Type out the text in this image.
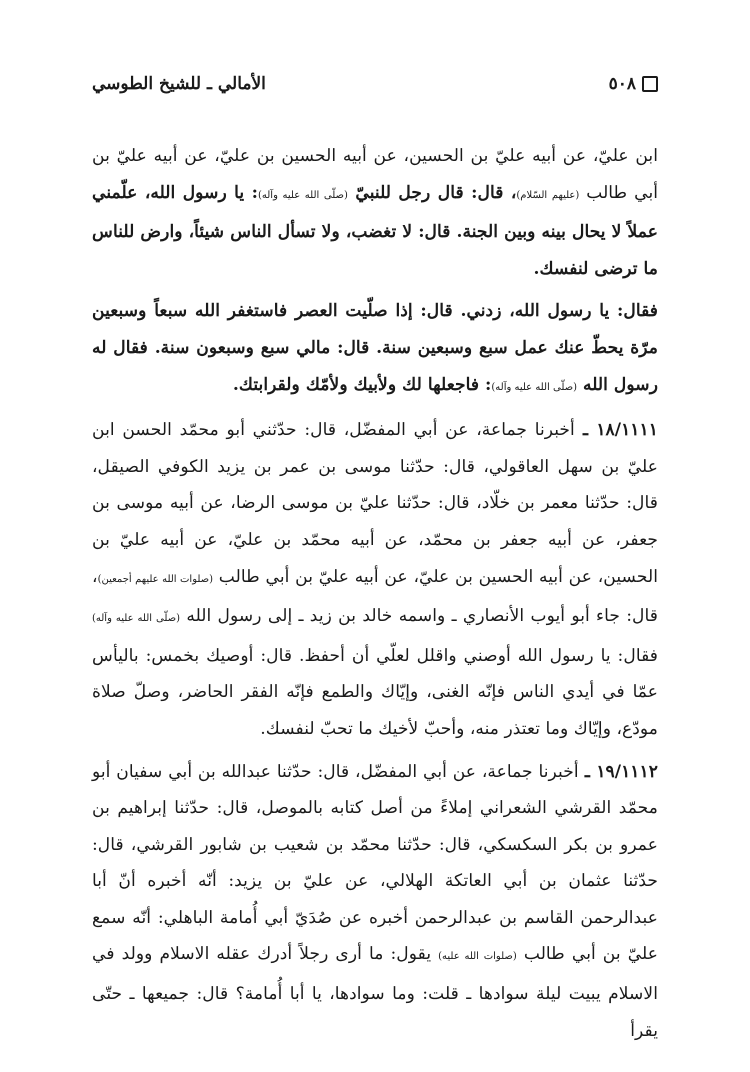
٥٠٨
الأمالي ـ للشيخ الطوسي

ابن عليّ، عن أبيه عليّ بن الحسين، عن أبيه الحسين بن عليّ، عن أبيه عليّ بن أبي طالب (عليهم السّلام)، قال: قال رجل للنبيّ (صلّى الله عليه وآله): يا رسول الله، علّمني عملاً لا يحال بينه وبين الجنة. قال: لا تغضب، ولا تسأل الناس شيئاً، وارض للناس ما ترضى لنفسك.

فقال: يا رسول الله، زدني. قال: إذا صلّيت العصر فاستغفر الله سبعاً وسبعين مرّة يحطّ عنك عمل سبع وسبعين سنة. قال: مالي سبع وسبعون سنة. فقال له رسول الله (صلّى الله عليه وآله): فاجعلها لك ولأبيك ولأمّك ولقرابتك.

١٨/١١١١ ـ أخبرنا جماعة، عن أبي المفضّل، قال: حدّثني أبو محمّد الحسن ابن عليّ بن سهل العاقولي، قال: حدّثنا موسى بن عمر بن يزيد الكوفي الصيقل، قال: حدّثنا معمر بن خلّاد، قال: حدّثنا عليّ بن موسى الرضا، عن أبيه موسى بن جعفر، عن أبيه جعفر بن محمّد، عن أبيه محمّد بن عليّ، عن أبيه عليّ بن الحسين، عن أبيه الحسين بن عليّ، عن أبيه عليّ بن أبي طالب (صلوات الله عليهم أجمعين)، قال: جاء أبو أيوب الأنصاري ـ واسمه خالد بن زيد ـ إلى رسول الله (صلّى الله عليه وآله) فقال: يا رسول الله أوصني واقلل لعلّي أن أحفظ. قال: أوصيك بخمس: باليأس عمّا في أيدي الناس فإنّه الغنى، وإيّاك والطمع فإنّه الفقر الحاضر، وصلّ صلاة مودّع، وإيّاك وما تعتذر منه، وأحبّ لأخيك ما تحبّ لنفسك.

١٩/١١١٢ ـ أخبرنا جماعة، عن أبي المفضّل، قال: حدّثنا عبدالله بن أبي سفيان أبو محمّد القرشي الشعراني إملاءً من أصل كتابه بالموصل، قال: حدّثنا إبراهيم بن عمرو بن بكر السكسكي، قال: حدّثنا محمّد بن شعيب بن شابور القرشي، قال: حدّثنا عثمان بن أبي العاتكة الهلالي، عن عليّ بن يزيد: أنّه أخبره أنّ أبا عبدالرحمن القاسم بن عبدالرحمن أخبره عن صُدَيّ أبي أُمامة الباهلي: أنّه سمع عليّ بن أبي طالب (صلوات الله عليه) يقول: ما أرى رجلاً أدرك عقله الاسلام وولد في الاسلام يبيت ليلة سوادها ـ قلت: وما سوادها، يا أبا أُمامة؟ قال: جميعها ـ حتّى يقرأ
